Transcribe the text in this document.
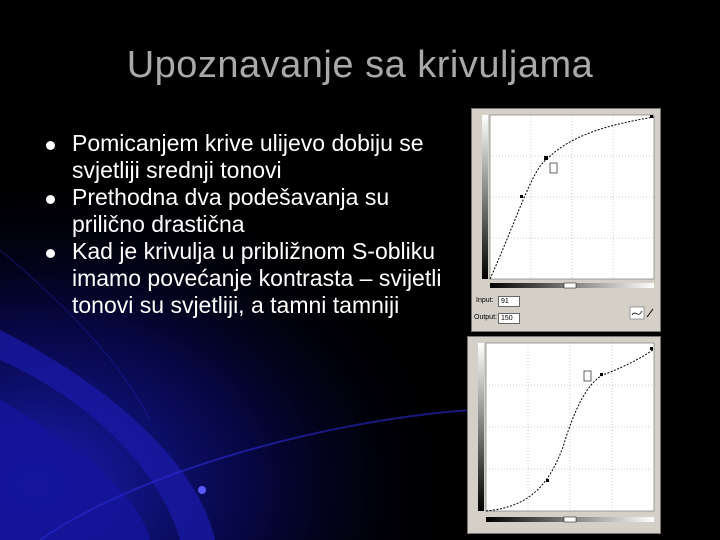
Upoznavanje sa krivuljama
Pomicanjem krive ulijevo dobiju se svjetliji srednji tonovi
Prethodna dva podešavanja su prilično drastična
Kad je krivulja u približnom S-obliku imamo povećanje kontrasta – svijetli tonovi su svjetliji, a tamni tamniji	Input:	91
Output: 150
